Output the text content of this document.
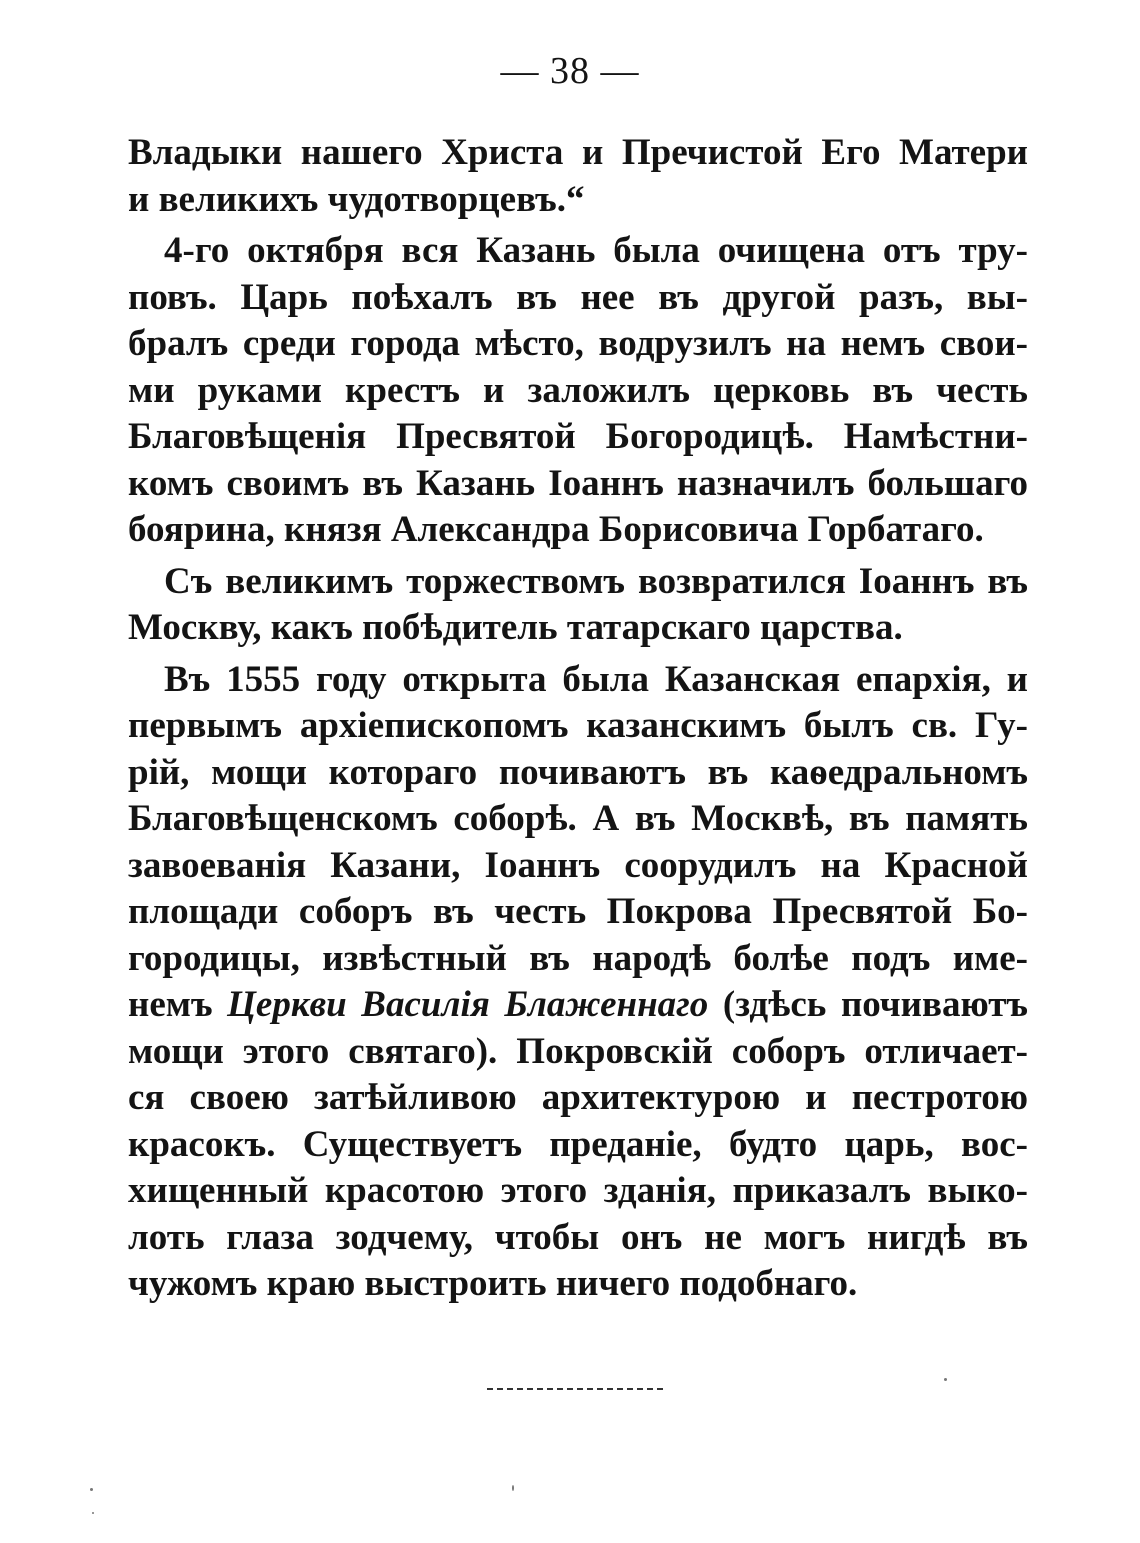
— 38 —
Владыки нашего Христа и Пречистой Его Матери
и великихъ чудотворцевъ.“
4-го октября вся Казань была очищена отъ тру-
повъ. Царь поѣхалъ въ нее въ другой разъ, вы-
бралъ среди города мѣсто, водрузилъ на немъ свои-
ми руками крестъ и заложилъ церковь въ честь
Благовѣщенія Пресвятой Богородицѣ. Намѣстни-
комъ своимъ въ Казань Іоаннъ назначилъ большаго
боярина, князя Александра Борисовича Горбатаго.
Съ великимъ торжествомъ возвратился Іоаннъ въ
Москву, какъ побѣдитель татарскаго царства.
Въ 1555 году открыта была Казанская епархія, и
первымъ архіепископомъ казанскимъ былъ св. Гу-
рій, мощи котораго почиваютъ въ каѳедральномъ
Благовѣщенскомъ соборѣ. А въ Москвѣ, въ память
завоеванія Казани, Іоаннъ соорудилъ на Красной
площади соборъ въ честь Покрова Пресвятой Бо-
городицы, извѣстный въ народѣ болѣе подъ име-
немъ Церкви Василія Блаженнаго (здѣсь почиваютъ
мощи этого святаго). Покровскій соборъ отличает-
ся своею затѣйливою архитектурою и пестротою
красокъ. Существуетъ преданіе, будто царь, вос-
хищенный красотою этого зданія, приказалъ выко-
лоть глаза зодчему, чтобы онъ не могъ нигдѣ въ
чужомъ краю выстроить ничего подобнаго.
